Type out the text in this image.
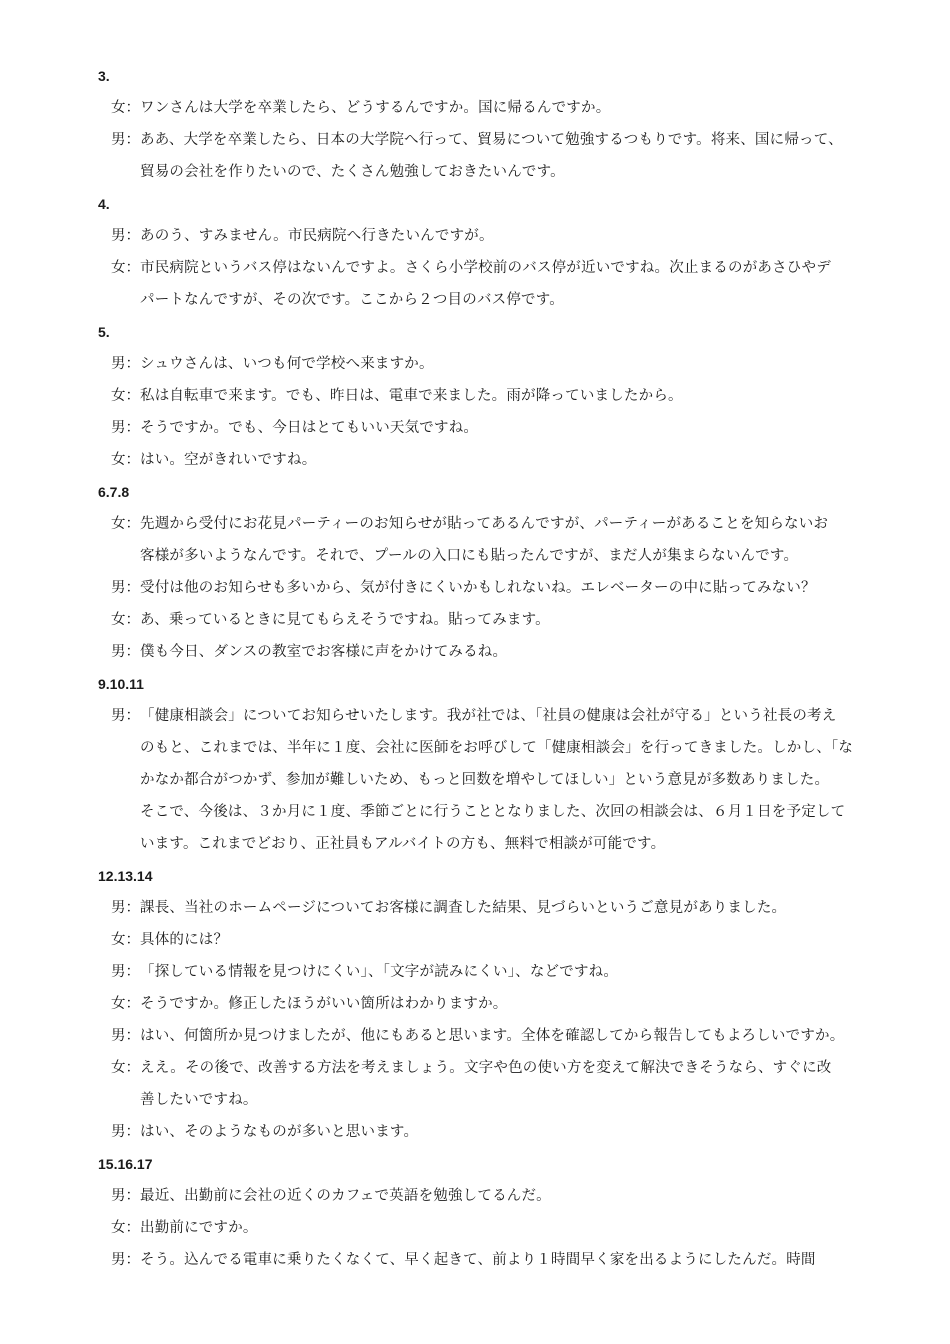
3.
女： ワンさんは大学を卒業したら、どうするんですか。国に帰るんですか。
男： ああ、大学を卒業したら、日本の大学院へ行って、貿易について勉強するつもりです。将来、国に帰って、
貿易の会社を作りたいので、たくさん勉強しておきたいんです。
4.
男： あのう、すみません。市民病院へ行きたいんですが。
女： 市民病院というバス停はないんですよ。さくら小学校前のバス停が近いですね。次止まるのがあさひやデ
パートなんですが、その次です。ここから２つ目のバス停です。
5.
男： シュウさんは、いつも何で学校へ来ますか。
女： 私は自転車で来ます。でも、昨日は、電車で来ました。雨が降っていましたから。
男： そうですか。でも、今日はとてもいい天気ですね。
女： はい。空がきれいですね。
6.7.8
女： 先週から受付にお花見パーティーのお知らせが貼ってあるんですが、パーティーがあることを知らないお
客様が多いようなんです。それで、プールの入口にも貼ったんですが、まだ人が集まらないんです。
男： 受付は他のお知らせも多いから、気が付きにくいかもしれないね。エレベーターの中に貼ってみない？
女： あ、乗っているときに見てもらえそうですね。貼ってみます。
男： 僕も今日、ダンスの教室でお客様に声をかけてみるね。
9.10.11
男： 「健康相談会」についてお知らせいたします。我が社では、「社員の健康は会社が守る」という社長の考え
のもと、これまでは、半年に１度、会社に医師をお呼びして「健康相談会」を行ってきました。しかし、「な
かなか都合がつかず、参加が難しいため、もっと回数を増やしてほしい」という意見が多数ありました。
そこで、今後は、３か月に１度、季節ごとに行うこととなりました、次回の相談会は、６月１日を予定して
います。これまでどおり、正社員もアルバイトの方も、無料で相談が可能です。
12.13.14
男： 課長、当社のホームページについてお客様に調査した結果、見づらいというご意見がありました。
女： 具体的には？
男： 「探している情報を見つけにくい」、「文字が読みにくい」、などですね。
女： そうですか。修正したほうがいい箇所はわかりますか。
男： はい、何箇所か見つけましたが、他にもあると思います。全体を確認してから報告してもよろしいですか。
女： ええ。その後で、改善する方法を考えましょう。文字や色の使い方を変えて解決できそうなら、すぐに改
善したいですね。
男： はい、そのようなものが多いと思います。
15.16.17
男： 最近、出勤前に会社の近くのカフェで英語を勉強してるんだ。
女： 出勤前にですか。
男： そう。込んでる電車に乗りたくなくて、早く起きて、前より１時間早く家を出るようにしたんだ。時間
